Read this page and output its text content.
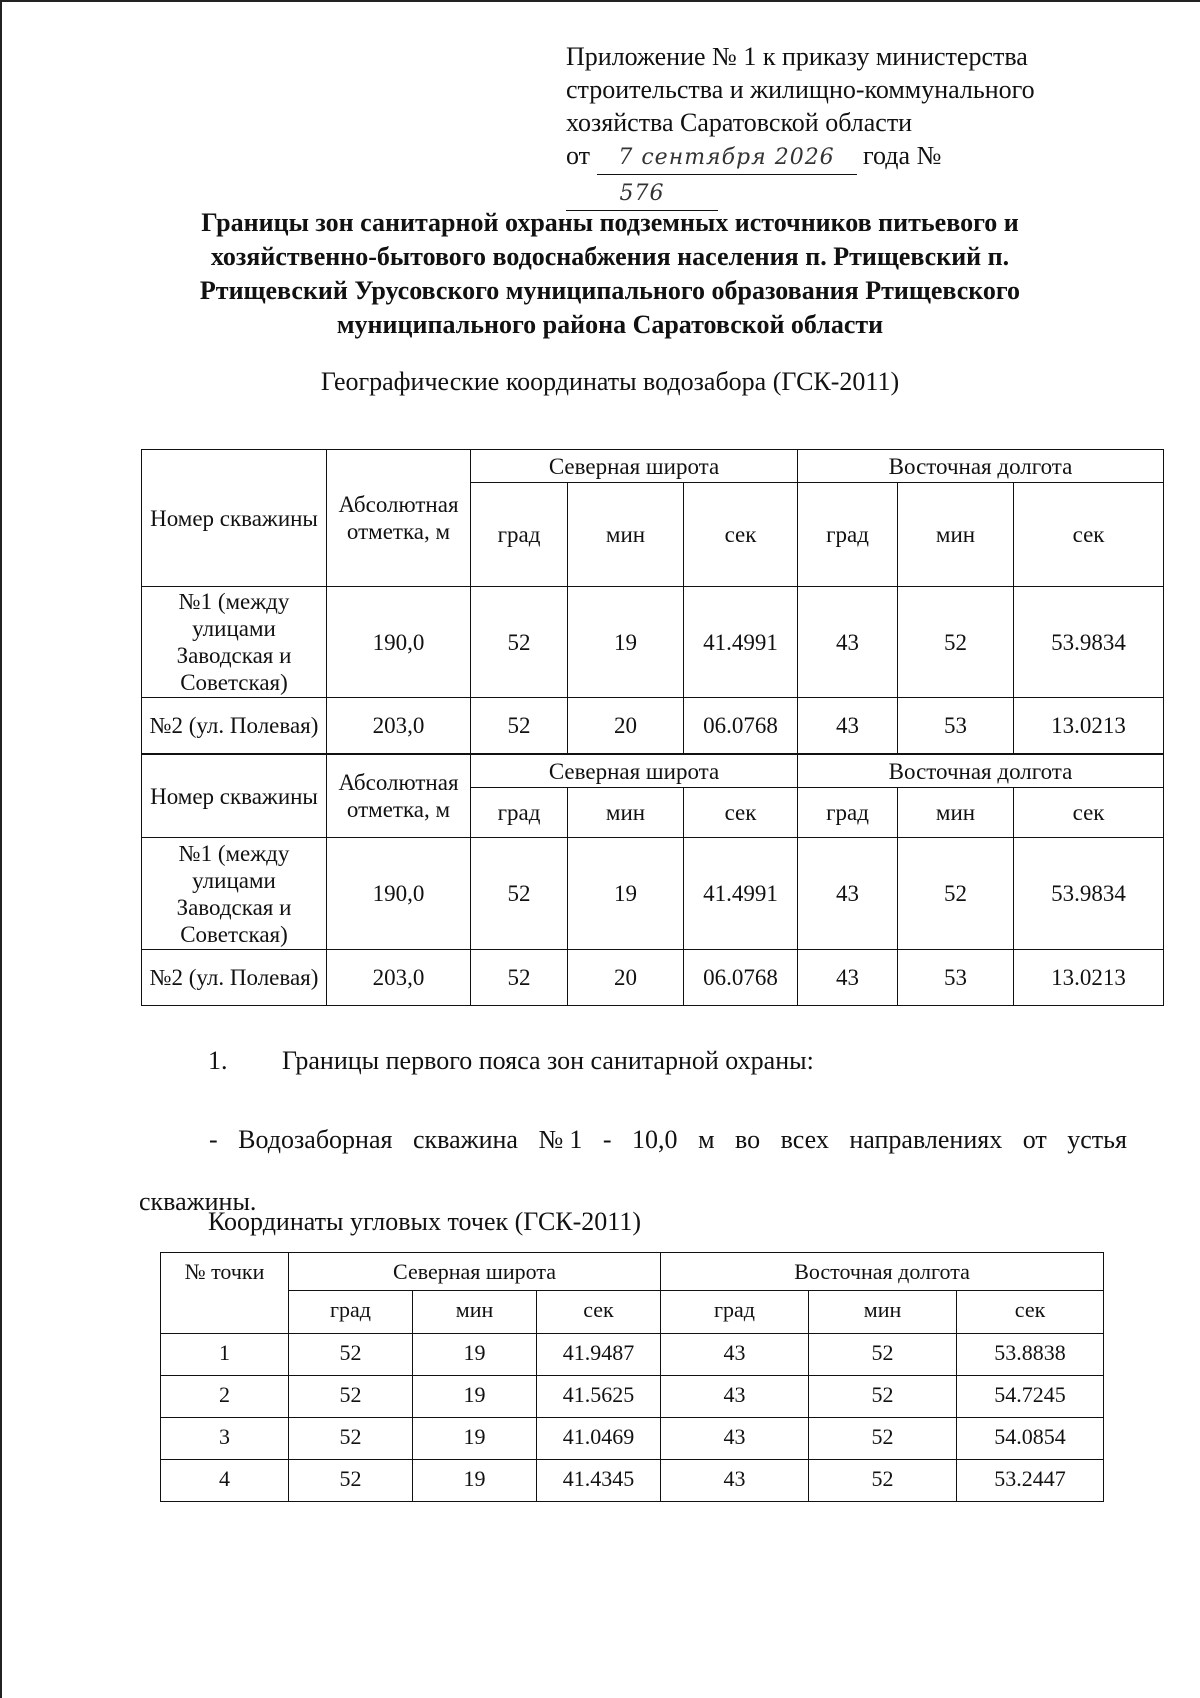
Приложение № 1 к приказу министерства
строительства и жилищно-коммунального
хозяйства Саратовской области
от 7 сентября 2026 года № 576
Границы зон санитарной охраны подземных источников питьевого и хозяйственно-бытового водоснабжения населения п. Ртищевский п. Ртищевский Урусовского муниципального образования Ртищевского муниципального района Саратовской области
Географические координаты водозабора (ГСК-2011)
Номер скважины	Абсолютная отметка, м	Северная широта			Восточная долгота		
		град	мин	сек	град	мин	сек
№1 (между улицами Заводская и Советская)	190,0	52	19	41.4991	43	52	53.9834
№2 (ул. Полевая)	203,0	52	20	06.0768	43	53	13.0213
Номер скважины	Абсолютная отметка, м	Северная широта			Восточная долгота		
		град	мин	сек	град	мин	сек
№1 (между улицами Заводская и Советская)	190,0	52	19	41.4991	43	52	53.9834
№2 (ул. Полевая)	203,0	52	20	06.0768	43	53	13.0213
1. Границы первого пояса зон санитарной охраны:
- Водозаборная скважина №1 - 10,0 м во всех направлениях от устья скважины.
Координаты угловых точек (ГСК-2011)
№ точки	Северная широта			Восточная долгота		
	град	мин	сек	град	мин	сек
1	52	19	41.9487	43	52	53.8838
2	52	19	41.5625	43	52	54.7245
3	52	19	41.0469	43	52	54.0854
4	52	19	41.4345	43	52	53.2447
